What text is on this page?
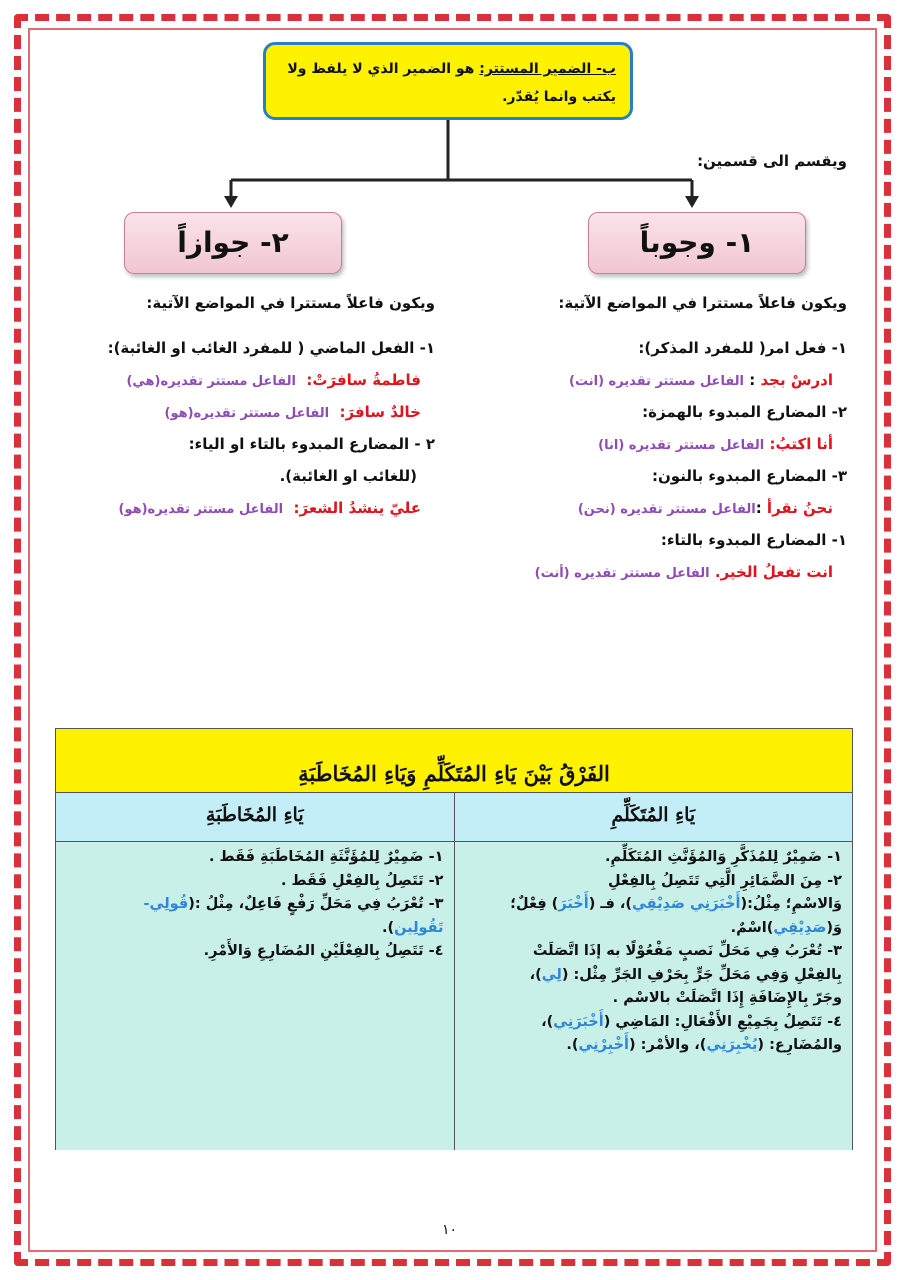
ب- الضمير المستتر: هو الضمير الذي لا يلفظ ولا يكتب وانما يُقدّر.
ويقسم الى قسمين:
١- وجوباً
٢- جوازاً
ويكون فاعلاً مستترا في المواضع الآتية:
١- فعل امر( للمفرد المذكر):
ادرسْ بجد : الفاعل مستتر تقديره (انت)
٢- المضارع المبدوء بالهمزة:
أنا اكتبُ: الفاعل مستتر تقديره (انا)
٣- المضارع المبدوء بالنون:
نحنُ نقرأ :الفاعل مستتر تقديره (نحن)
١- المضارع المبدوء بالتاء:
انت تفعلُ الخير. الفاعل مستتر تقديره (أنت)
ويكون فاعلاً مستترا في المواضع الآتية:
١- الفعل الماضي ( للمفرد الغائب او الغائبة):
فاطمةُ سافرَتْ:  الفاعل مستتر تقديره(هي)
خالدٌ سافرَ:  الفاعل مستتر تقديره(هو)
٢ - المضارع المبدوء بالتاء او الياء:
(للغائب او الغائبة).
عليّ ينشدُ الشعرَ:  الفاعل مستتر تقديره(هو)
الفَرْقُ بَيْنَ يَاءِ المُتَكَلِّمِ وَيَاءِ المُخَاطَبَةِ
يَاءِ المُتَكَلِّمِ
يَاءِ المُخَاطَبَةِ
١- ضَمِيْرٌ لِلمُذَكَّرِ وَالمُؤَنَّثِ المُتَكَلِّمِ.
٢- مِنَ الضَّمَائِرِ الَّتِي تَتَصِلُ بِالفِعْلِ
وَالاسْمِ؛ مِثْلُ:(أَخْبَرَنِي صَدِيْقِي)، فـ (أَخْبَرَ) فِعْلٌ؛
وَ(صَدِيْقِي)اسْمٌ.
٣- تُعْرَبُ فِي مَحَلِّ نَصبٍ مَفْعُوْلًا به إذَا اتَّصَلَتْ
بِالفِعْلِ وَفِي مَحَلِّ جَرٍّ بِحَرْفِ الجَرِّ مِثْل: (لِي)،
وجَرّ بِالإِضَافَةِ إِذَا اتَّصَلَتْ بالاسْم .
٤- تَتَصِلُ بِجَمِيْعِ الأَفْعَالِ: المَاضِي (أَخْبَرَنِي)،
والمُضَارِع: (يُخْبِرَنِي)، والأمْر: (أَخْبِرْنِي).
١- ضَمِيْرٌ لِلمُؤَنَّثَةِ المُخَاطَبَةِ فَقَط .
٢- تَتَصِلُ بِالفِعْلِ فَقَط .
٣- تُعْرَبُ فِي مَحَلِّ رَفْعٍ فَاعِلٌ، مِثْلُ :(قُولِي-
تَقُولِين).
٤- تَتَصِلُ بِالفِعْلَيْنِ المُضَارِعِ وَالأَمْرِ.
١٠
